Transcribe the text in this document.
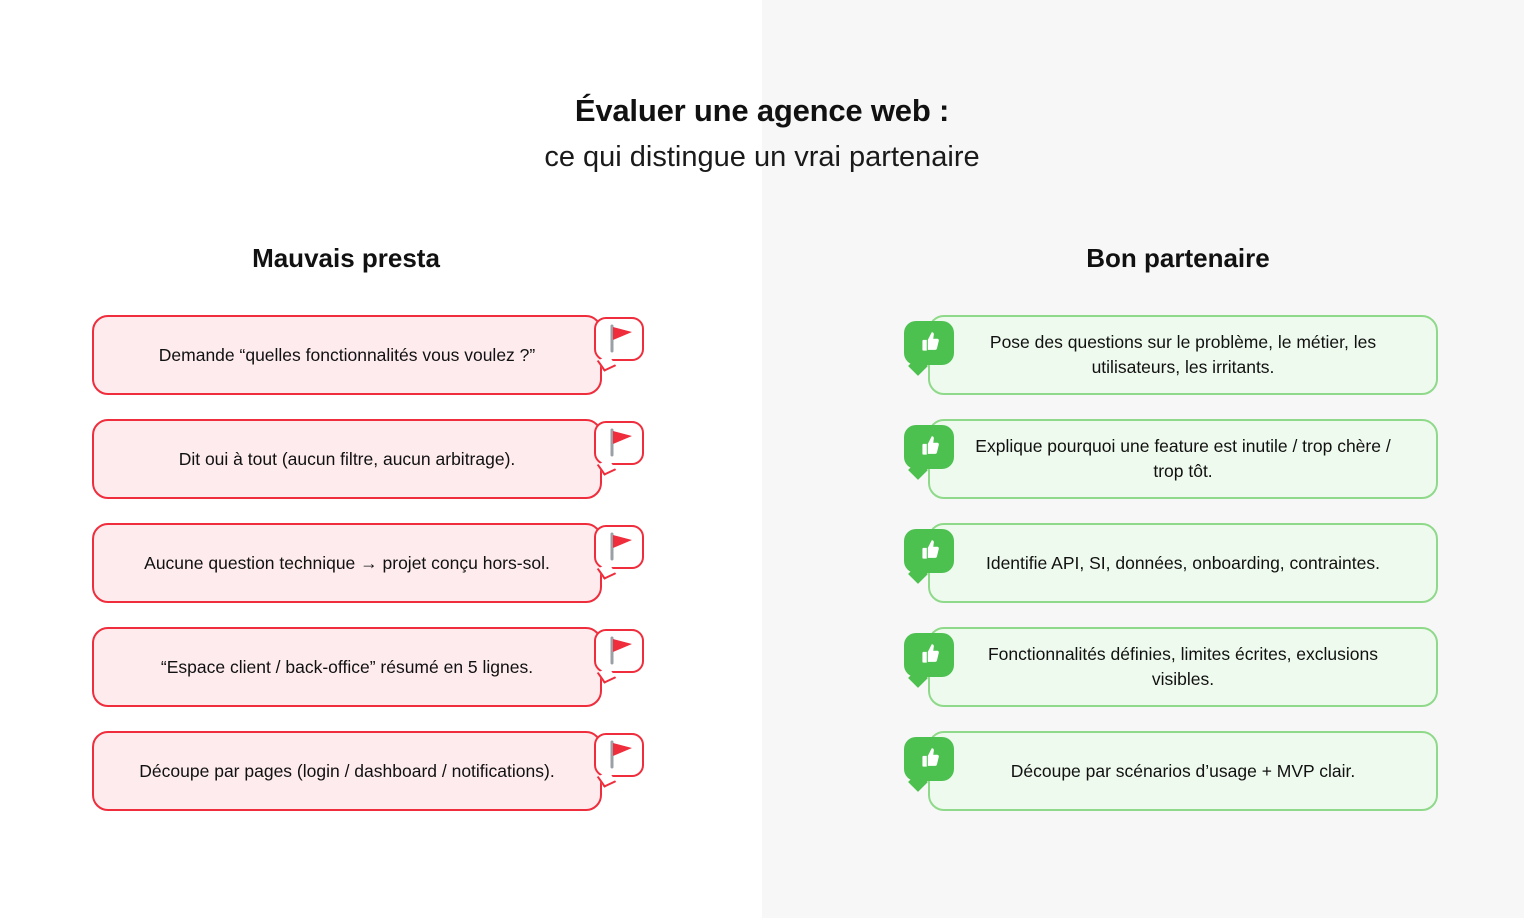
Évaluer une agence web :
ce qui distingue un vrai partenaire
Mauvais presta	Bon partenaire
Demande “quelles fonctionnalités vous voulez ?”
Dit oui à tout (aucun filtre, aucun arbitrage).
Aucune question technique → projet conçu hors-sol.
“Espace client / back-office” résumé en 5 lignes.
Découpe par pages (login / dashboard / notifications).
Pose des questions sur le problème, le métier, les utilisateurs, les irritants.
Explique pourquoi une feature est inutile / trop chère / trop tôt.
Identifie API, SI, données, onboarding, contraintes.
Fonctionnalités définies, limites écrites, exclusions visibles.
Découpe par scénarios d’usage + MVP clair.
